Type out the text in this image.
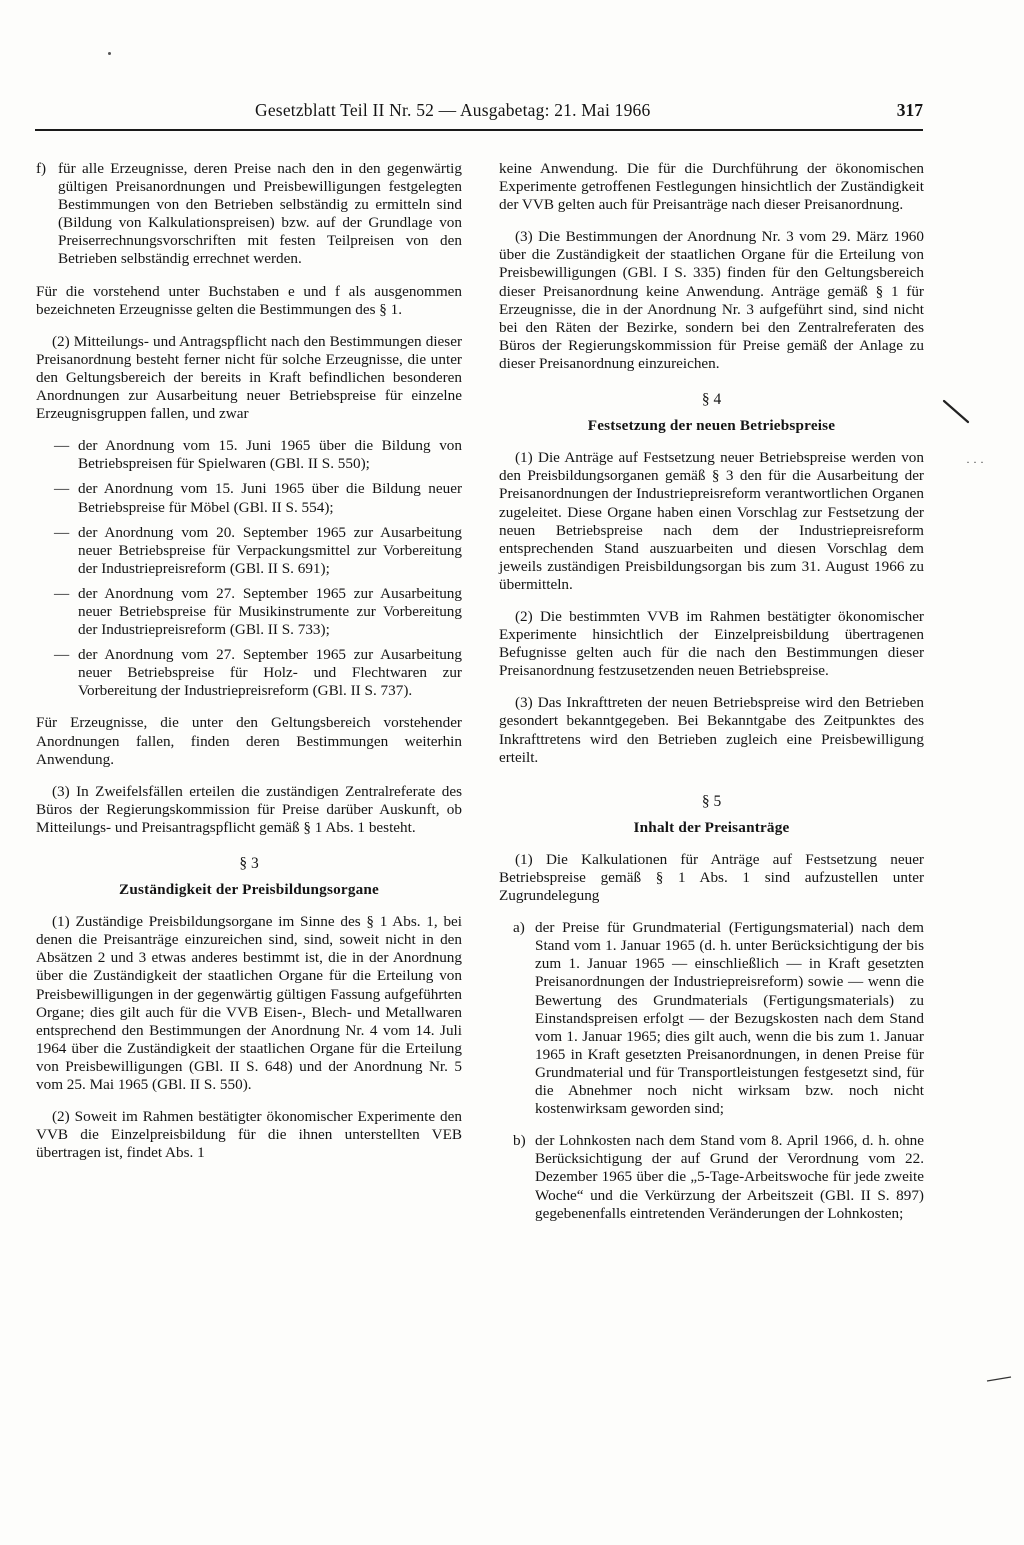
Gesetzblatt Teil II Nr. 52 — Ausgabetag: 21. Mai 1966	317
f) für alle Erzeugnisse, deren Preise nach den in den gegenwärtig gültigen Preisanordnungen und Preisbewilligungen festgelegten Bestimmungen von den Betrieben selbständig zu ermitteln sind (Bildung von Kalkulationspreisen) bzw. auf der Grundlage von Preiserrechnungsvorschriften mit festen Teilpreisen von den Betrieben selbständig errechnet werden.

Für die vorstehend unter Buchstaben e und f als ausgenommen bezeichneten Erzeugnisse gelten die Bestimmungen des § 1.

(2) Mitteilungs- und Antragspflicht nach den Bestimmungen dieser Preisanordnung besteht ferner nicht für solche Erzeugnisse, die unter den Geltungsbereich der bereits in Kraft befindlichen besonderen Anordnungen zur Ausarbeitung neuer Betriebspreise für einzelne Erzeugnisgruppen fallen, und zwar

— der Anordnung vom 15. Juni 1965 über die Bildung von Betriebspreisen für Spielwaren (GBl. II S. 550);
— der Anordnung vom 15. Juni 1965 über die Bildung neuer Betriebspreise für Möbel (GBl. II S. 554);
— der Anordnung vom 20. September 1965 zur Ausarbeitung neuer Betriebspreise für Verpackungsmittel zur Vorbereitung der Industriepreisreform (GBl. II S. 691);
— der Anordnung vom 27. September 1965 zur Ausarbeitung neuer Betriebspreise für Musikinstrumente zur Vorbereitung der Industriepreisreform (GBl. II S. 733);
— der Anordnung vom 27. September 1965 zur Ausarbeitung neuer Betriebspreise für Holz- und Flechtwaren zur Vorbereitung der Industriepreisreform (GBl. II S. 737).

Für Erzeugnisse, die unter den Geltungsbereich vorstehender Anordnungen fallen, finden deren Bestimmungen weiterhin Anwendung.

(3) In Zweifelsfällen erteilen die zuständigen Zentralreferate des Büros der Regierungskommission für Preise darüber Auskunft, ob Mitteilungs- und Preisantragspflicht gemäß § 1 Abs. 1 besteht.

§ 3
Zuständigkeit der Preisbildungsorgane

(1) Zuständige Preisbildungsorgane im Sinne des § 1 Abs. 1, bei denen die Preisanträge einzureichen sind, sind, soweit nicht in den Absätzen 2 und 3 etwas anderes bestimmt ist, die in der Anordnung über die Zuständigkeit der staatlichen Organe für die Erteilung von Preisbewilligungen in der gegenwärtig gültigen Fassung aufgeführten Organe; dies gilt auch für die VVB Eisen-, Blech- und Metallwaren entsprechend den Bestimmungen der Anordnung Nr. 4 vom 14. Juli 1964 über die Zuständigkeit der staatlichen Organe für die Erteilung von Preisbewilligungen (GBl. II S. 648) und der Anordnung Nr. 5 vom 25. Mai 1965 (GBl. II S. 550).

(2) Soweit im Rahmen bestätigter ökonomischer Experimente den VVB die Einzelpreisbildung für die ihnen unterstellten VEB übertragen ist, findet Abs. 1

keine Anwendung. Die für die Durchführung der ökonomischen Experimente getroffenen Festlegungen hinsichtlich der Zuständigkeit der VVB gelten auch für Preisanträge nach dieser Preisanordnung.

(3) Die Bestimmungen der Anordnung Nr. 3 vom 29. März 1960 über die Zuständigkeit der staatlichen Organe für die Erteilung von Preisbewilligungen (GBl. I S. 335) finden für den Geltungsbereich dieser Preisanordnung keine Anwendung. Anträge gemäß § 1 für Erzeugnisse, die in der Anordnung Nr. 3 aufgeführt sind, sind nicht bei den Räten der Bezirke, sondern bei den Zentralreferaten des Büros der Regierungskommission für Preise gemäß der Anlage zu dieser Preisanordnung einzureichen.

§ 4
Festsetzung der neuen Betriebspreise

(1) Die Anträge auf Festsetzung neuer Betriebspreise werden von den Preisbildungsorganen gemäß § 3 den für die Ausarbeitung der Preisanordnungen der Industriepreisreform verantwortlichen Organen zugeleitet. Diese Organe haben einen Vorschlag zur Festsetzung der neuen Betriebspreise nach dem der Industriepreisreform entsprechenden Stand auszuarbeiten und diesen Vorschlag dem jeweils zuständigen Preisbildungsorgan bis zum 31. August 1966 zu übermitteln.

(2) Die bestimmten VVB im Rahmen bestätigter ökonomischer Experimente hinsichtlich der Einzelpreisbildung übertragenen Befugnisse gelten auch für die nach den Bestimmungen dieser Preisanordnung festzusetzenden neuen Betriebspreise.

(3) Das Inkrafttreten der neuen Betriebspreise wird den Betrieben gesondert bekanntgegeben. Bei Bekanntgabe des Zeitpunktes des Inkrafttretens wird den Betrieben zugleich eine Preisbewilligung erteilt.

§ 5
Inhalt der Preisanträge

(1) Die Kalkulationen für Anträge auf Festsetzung neuer Betriebspreise gemäß § 1 Abs. 1 sind aufzustellen unter Zugrundelegung

a) der Preise für Grundmaterial (Fertigungsmaterial) nach dem Stand vom 1. Januar 1965 (d. h. unter Berücksichtigung der bis zum 1. Januar 1965 — einschließlich — in Kraft gesetzten Preisanordnungen der Industriepreisreform) sowie — wenn die Bewertung des Grundmaterials (Fertigungsmaterials) zu Einstandspreisen erfolgt — der Bezugskosten nach dem Stand vom 1. Januar 1965; dies gilt auch, wenn die bis zum 1. Januar 1965 in Kraft gesetzten Preisanordnungen, in denen Preise für Grundmaterial und für Transportleistungen festgesetzt sind, für die Abnehmer noch nicht wirksam bzw. noch nicht kostenwirksam geworden sind;
b) der Lohnkosten nach dem Stand vom 8. April 1966, d. h. ohne Berücksichtigung der auf Grund der Verordnung vom 22. Dezember 1965 über die „5-Tage-Arbeitswoche für jede zweite Woche“ und die Verkürzung der Arbeitszeit (GBl. II S. 897) gegebenenfalls eintretenden Veränderungen der Lohnkosten;
· · ·
